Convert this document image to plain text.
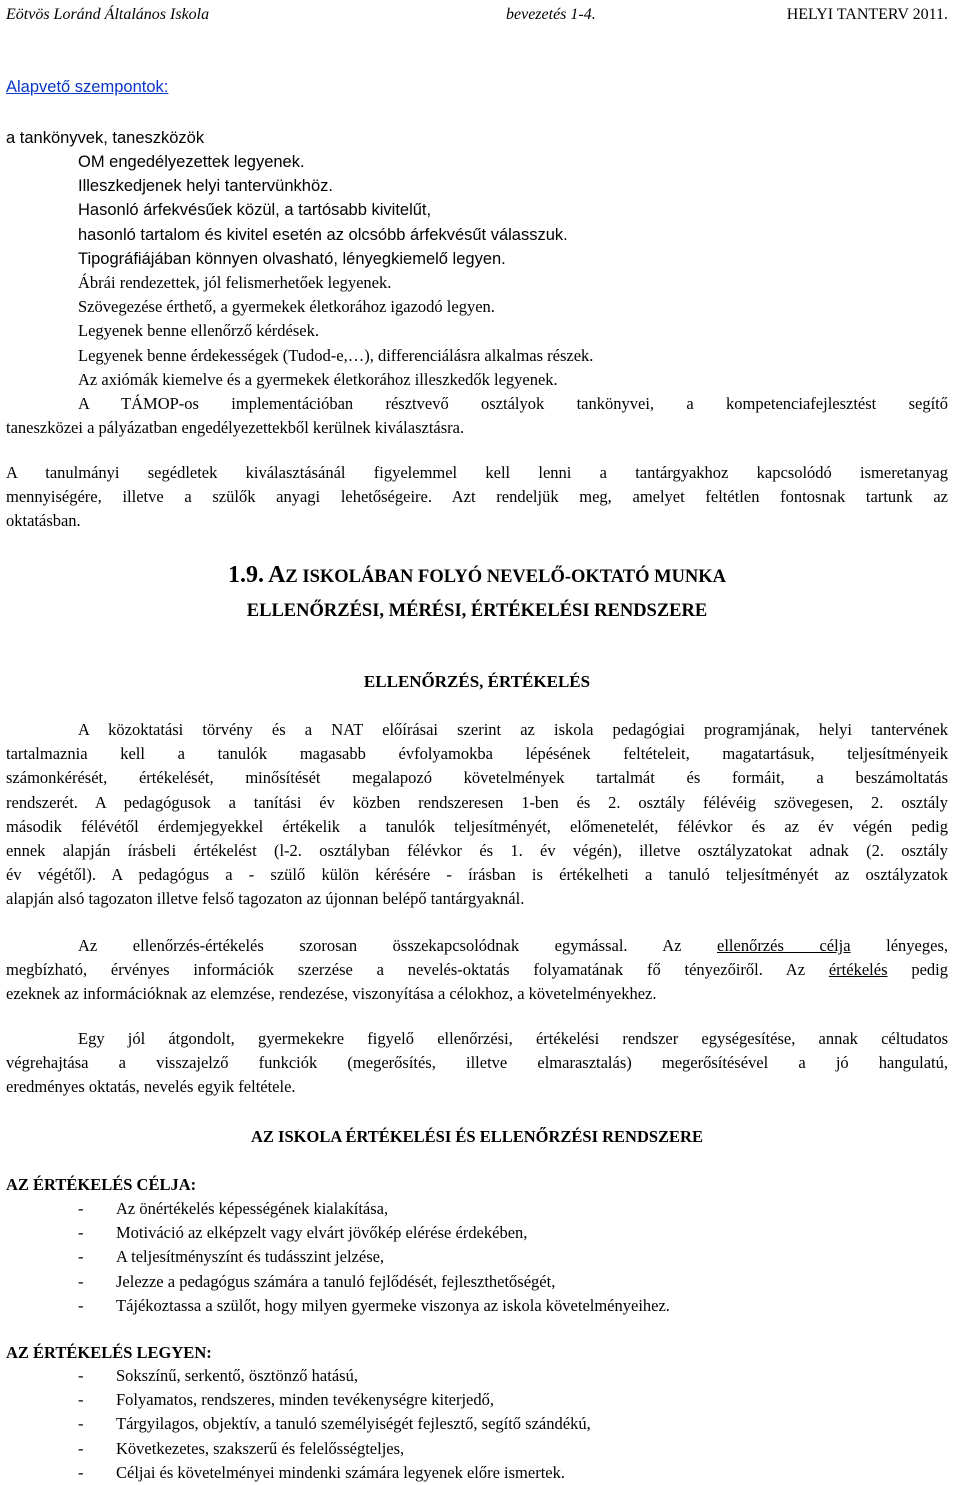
Eötvös Loránd Általános Iskola	bevezetés 1-4.	HELYI TANTERV 2011.
Alapvető szempontok:
a tankönyvek, taneszközök
OM engedélyezettek legyenek.
Illeszkedjenek helyi tantervünkhöz.
Hasonló árfekvésűek közül, a tartósabb kivitelűt,
hasonló tartalom és kivitel esetén az olcsóbb árfekvésűt válasszuk.
Tipográfiájában könnyen olvasható, lényegkiemelő legyen.
Ábrái rendezettek, jól felismerhetőek legyenek.
Szövegezése érthető, a gyermekek életkorához igazodó legyen.
Legyenek benne ellenőrző kérdések.
Legyenek benne érdekességek (Tudod-e,…), differenciálásra alkalmas részek.
Az axiómák kiemelve és a gyermekek életkorához illeszkedők legyenek.
A TÁMOP-os implementációban résztvevő osztályok tankönyvei, a kompetenciafejlesztést segítő
taneszközei a pályázatban engedélyezettekből kerülnek kiválasztásra.
A tanulmányi segédletek kiválasztásánál figyelemmel kell lenni a tantárgyakhoz kapcsolódó ismeretanyag
mennyiségére, illetve a szülők anyagi lehetőségeire. Azt rendeljük meg, amelyet feltétlen fontosnak tartunk az
oktatásban.
1.9. AZ ISKOLÁBAN FOLYÓ NEVELŐ-OKTATÓ MUNKA
ELLENŐRZÉSI, MÉRÉSI, ÉRTÉKELÉSI RENDSZERE
ELLENŐRZÉS, ÉRTÉKELÉS
A közoktatási törvény és a NAT előírásai szerint az iskola pedagógiai programjának, helyi tantervének
tartalmaznia kell a tanulók magasabb évfolyamokba lépésének feltételeit, magatartásuk, teljesítményeik
számonkérését, értékelését, minősítését megalapozó követelmények tartalmát és formáit, a beszámoltatás
rendszerét. A pedagógusok a tanítási év közben rendszeresen 1-ben és 2. osztály félévéig szövegesen, 2. osztály
második félévétől érdemjegyekkel értékelik a tanulók teljesítményét, előmenetelét, félévkor és az év végén pedig
ennek alapján írásbeli értékelést (l-2. osztályban félévkor és 1. év végén), illetve osztályzatokat adnak (2. osztály
év végétől). A pedagógus a - szülő külön kérésére - írásban is értékelheti a tanuló teljesítményét az osztályzatok
alapján alsó tagozaton illetve felső tagozaton az újonnan belépő tantárgyaknál.
Az ellenőrzés-értékelés szorosan összekapcsolódnak egymással. Az ellenőrzés célja lényeges,
megbízható, érvényes információk szerzése a nevelés-oktatás folyamatának fő tényezőiről. Az értékelés pedig
ezeknek az információknak az elemzése, rendezése, viszonyítása a célokhoz, a követelményekhez.
Egy jól átgondolt, gyermekekre figyelő ellenőrzési, értékelési rendszer egységesítése, annak céltudatos
végrehajtása a visszajelző funkciók (megerősítés, illetve elmarasztalás) megerősítésével a jó hangulatú,
eredményes oktatás, nevelés egyik feltétele.
AZ ISKOLA ÉRTÉKELÉSI ÉS ELLENŐRZÉSI RENDSZERE
AZ ÉRTÉKELÉS CÉLJA:
- Az önértékelés képességének kialakítása,
- Motiváció az elképzelt vagy elvárt jövőkép elérése érdekében,
- A teljesítményszínt és tudásszint jelzése,
- Jelezze a pedagógus számára a tanuló fejlődését, fejleszthetőségét,
- Tájékoztassa a szülőt, hogy milyen gyermeke viszonya az iskola követelményeihez.
AZ ÉRTÉKELÉS LEGYEN:
- Sokszínű, serkentő, ösztönző hatású,
- Folyamatos, rendszeres, minden tevékenységre kiterjedő,
- Tárgyilagos, objektív, a tanuló személyiségét fejlesztő, segítő szándékú,
- Következetes, szakszerű és felelősségteljes,
- Céljai és követelményei mindenki számára legyenek előre ismertek.
